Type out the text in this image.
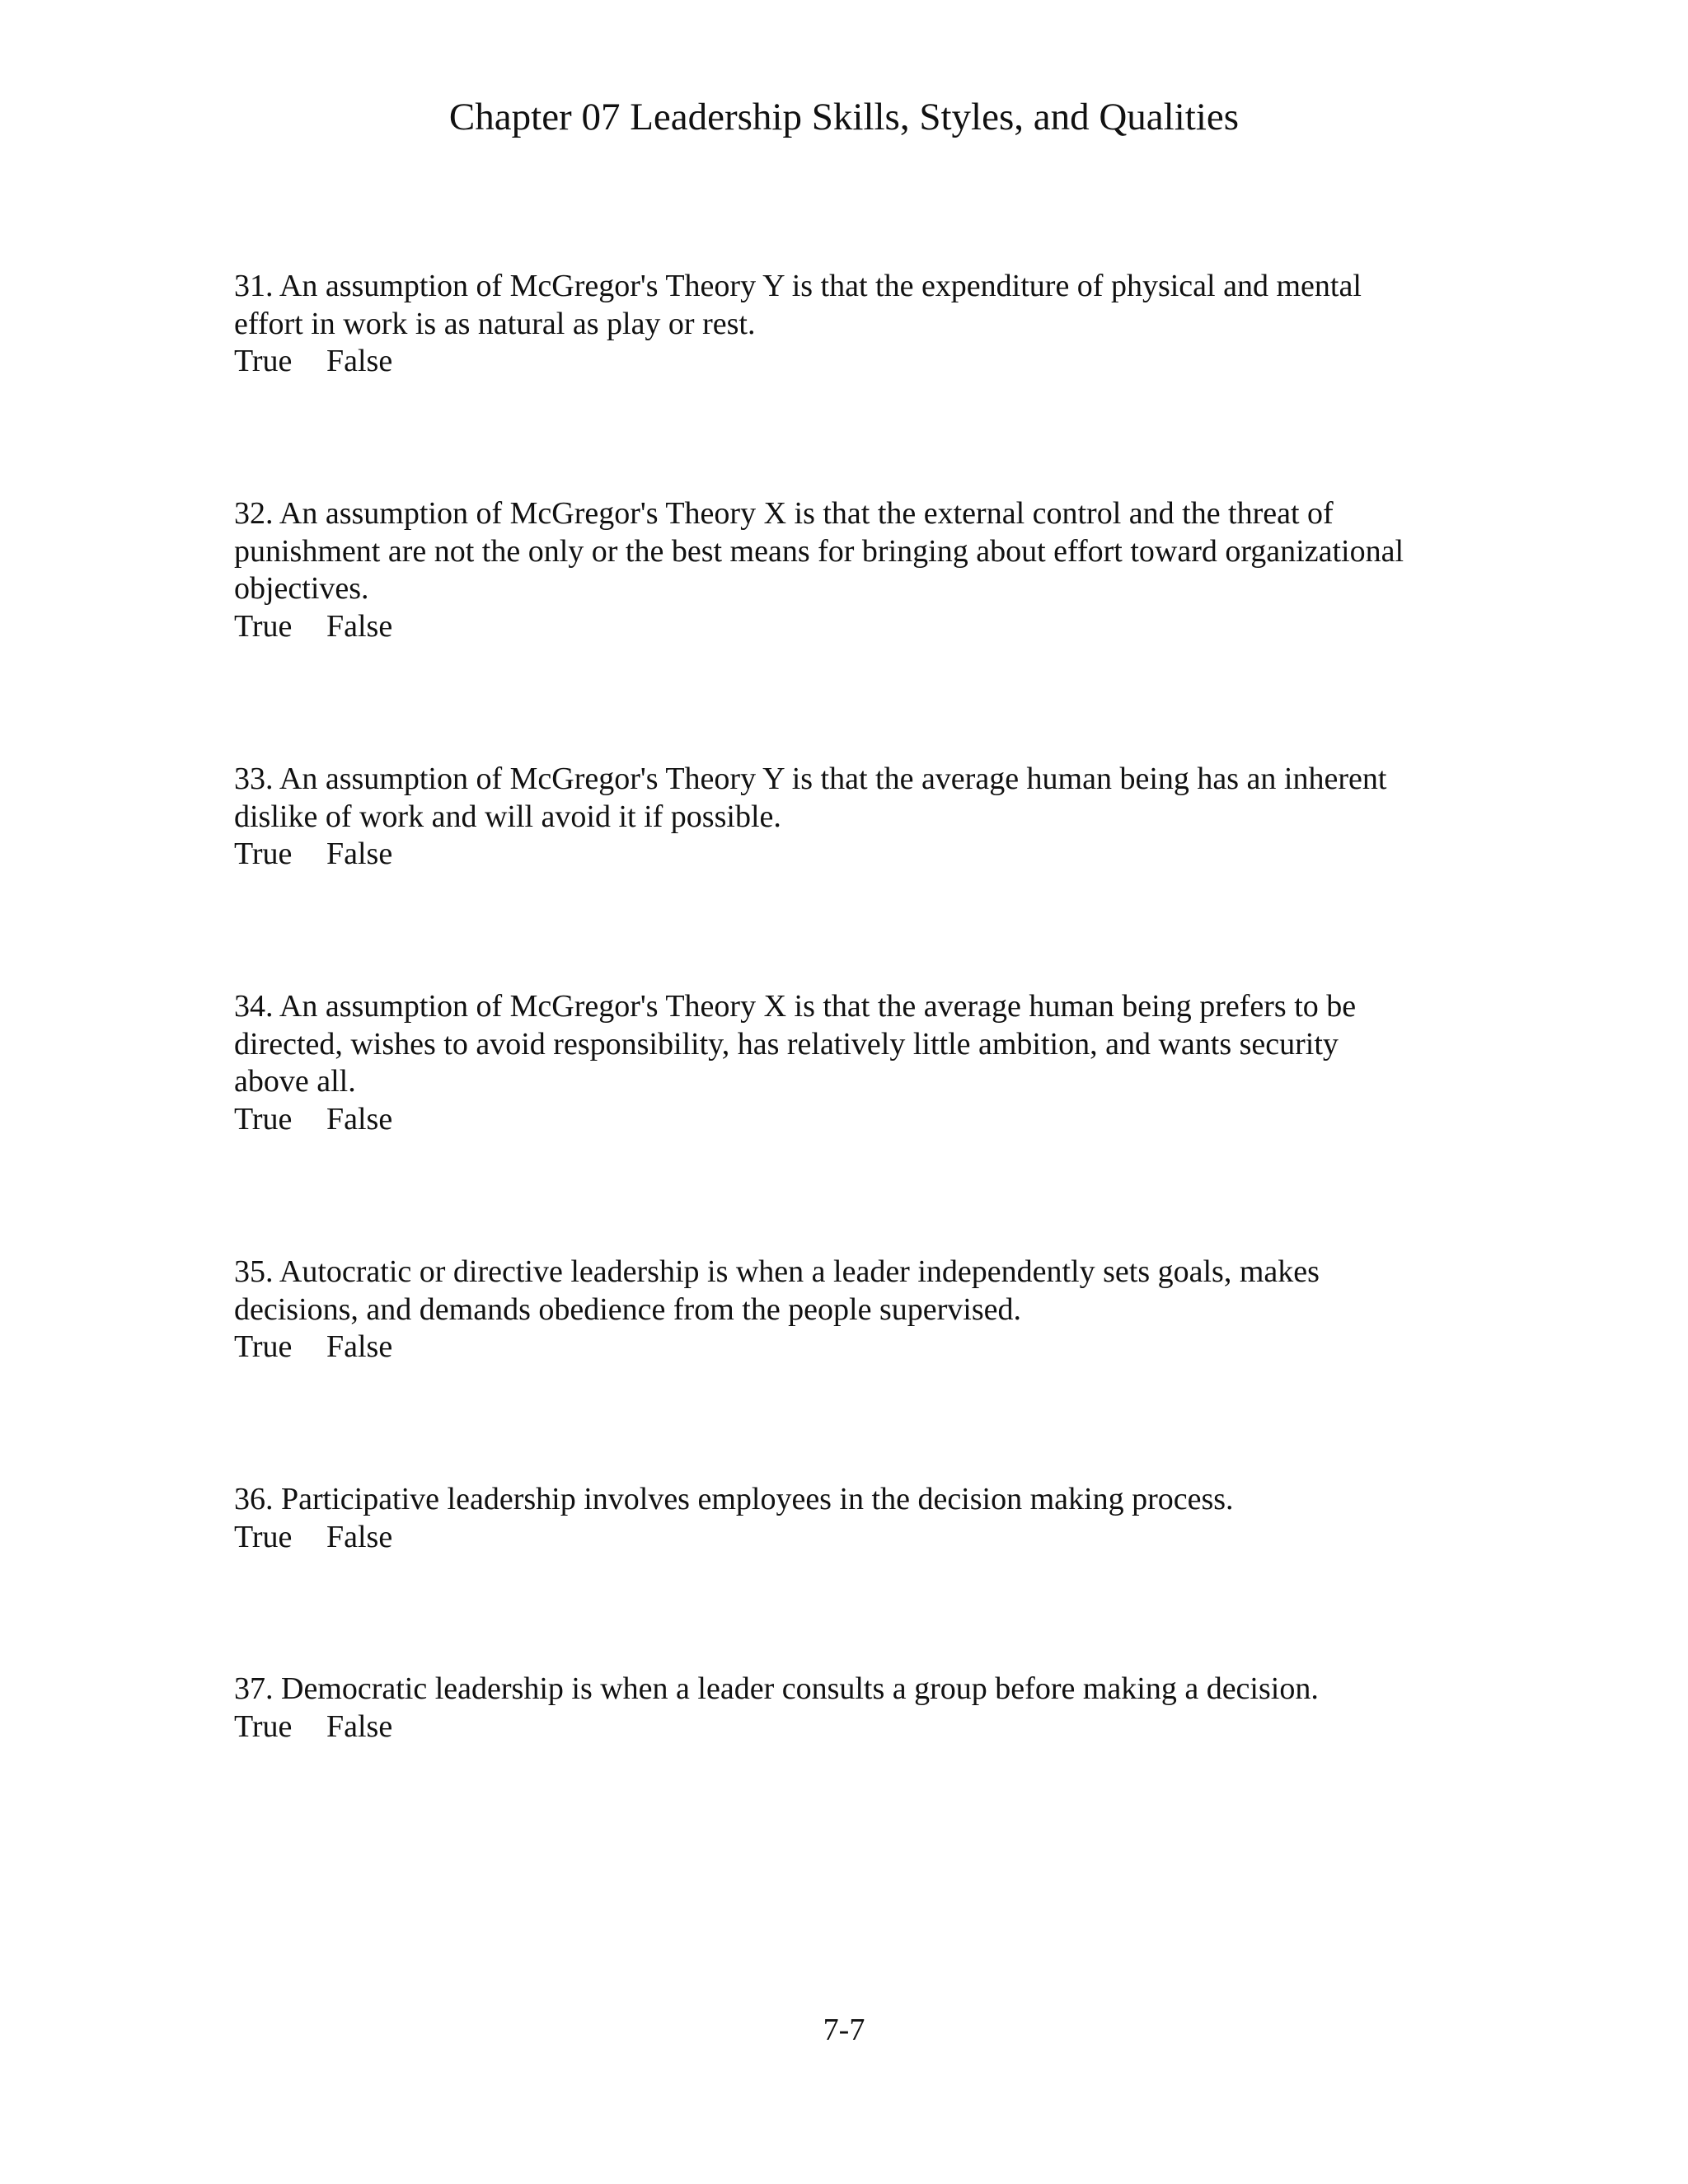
Chapter 07 Leadership Skills, Styles, and Qualities
31. An assumption of McGregor's Theory Y is that the expenditure of physical and mental
effort in work is as natural as play or rest.
True False
32. An assumption of McGregor's Theory X is that the external control and the threat of
punishment are not the only or the best means for bringing about effort toward organizational
objectives.
True False
33. An assumption of McGregor's Theory Y is that the average human being has an inherent
dislike of work and will avoid it if possible.
True False
34. An assumption of McGregor's Theory X is that the average human being prefers to be
directed, wishes to avoid responsibility, has relatively little ambition, and wants security
above all.
True False
35. Autocratic or directive leadership is when a leader independently sets goals, makes
decisions, and demands obedience from the people supervised.
True False
36. Participative leadership involves employees in the decision making process.
True False
37. Democratic leadership is when a leader consults a group before making a decision.
True False
7-7
